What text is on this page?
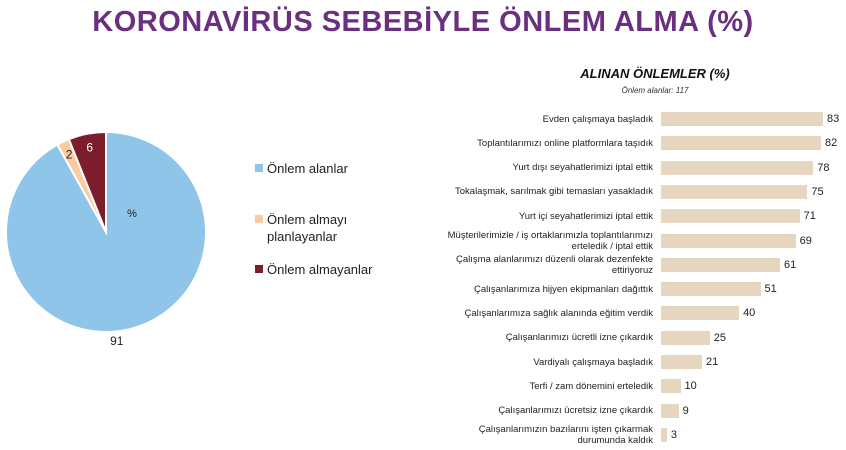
KORONAVİRÜS SEBEBİYLE ÖNLEM ALMA (%)
91
2 6
%
Önlem alanlar
Önlem almayı planlayanlar
Önlem almayanlar
ALINAN ÖNLEMLER (%)
Önlem alanlar: 117
Evden çalışmaya başladık	83
Toplantılarımızı online platformlara taşıdık	82
Yurt dışı seyahatlerimizi iptal ettik	78
Tokalaşmak, sarılmak gibi temasları yasakladık	75
Yurt içi seyahatlerimizi iptal ettik	71
Müşterilerimizle / iş ortaklarımızla toplantılarımızı erteledik / iptal ettik	69
Çalışma alanlarımızı düzenli olarak dezenfekte ettiriyoruz	61
Çalışanlarımıza hijyen ekipmanları dağıttık	51
Çalışanlarımıza sağlık alanında eğitim verdik	40
Çalışanlarımızı ücretli izne çıkardık	25
Vardiyalı çalışmaya başladık	21
Terfi / zam dönemini erteledik	10
Çalışanlarımızı ücretsiz izne çıkardık	9
Çalışanlarımızın bazılarını işten çıkarmak durumunda kaldık 3
